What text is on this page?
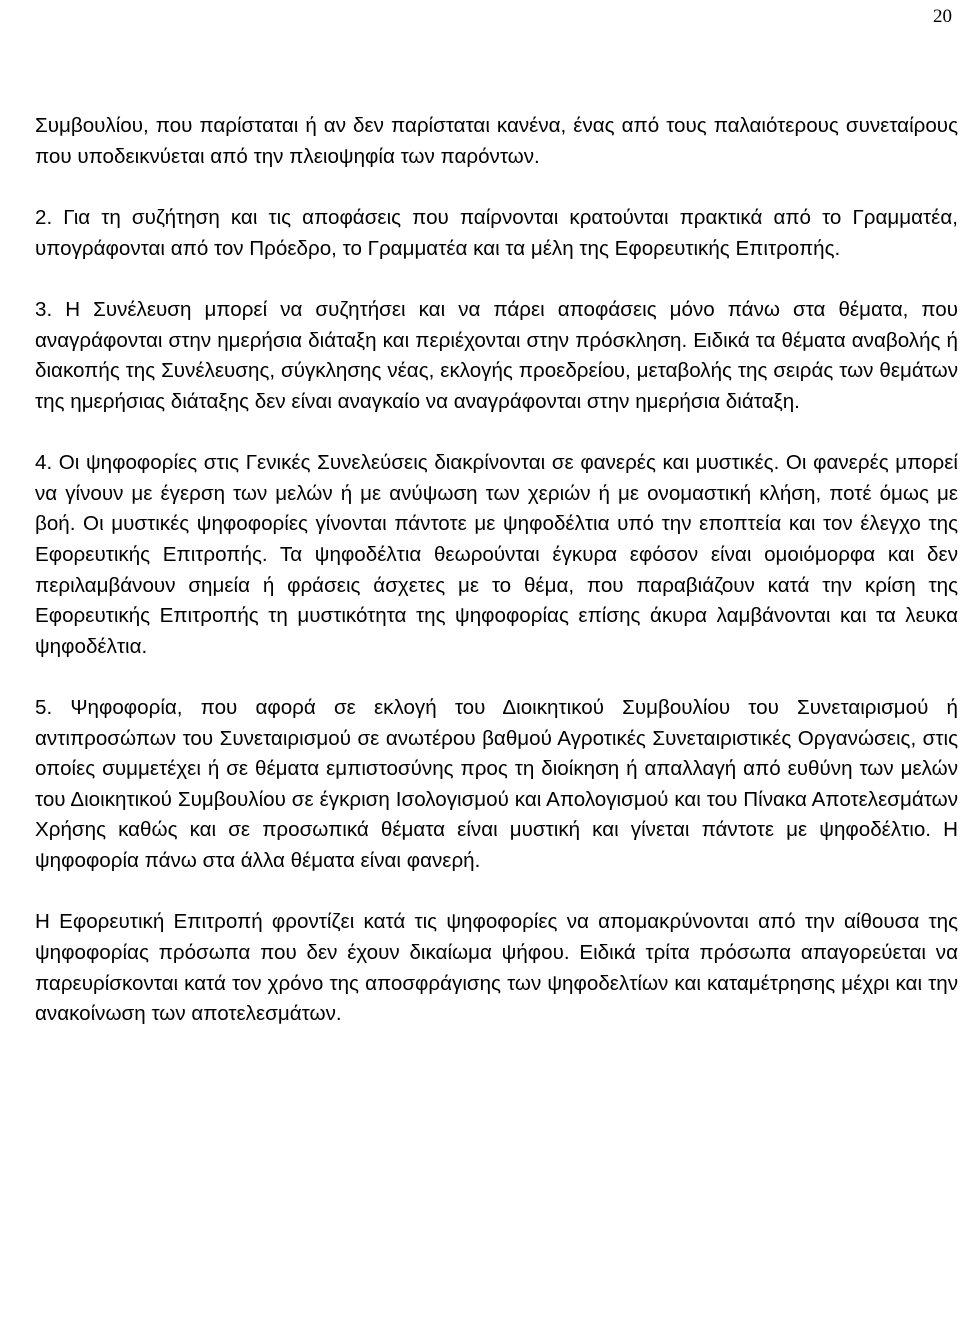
20

Συμβουλίου, που παρίσταται ή αν δεν παρίσταται κανένα, ένας από τους παλαιότερους συνεταίρους που υποδεικνύεται από την πλειοψηφία των παρόντων.

2. Για τη συζήτηση και τις αποφάσεις που παίρνονται κρατούνται πρακτικά από το Γραμματέα, υπογράφονται από τον Πρόεδρο, το Γραμματέα και τα μέλη της Εφορευτικής Επιτροπής.

3. Η Συνέλευση μπορεί να συζητήσει και να πάρει αποφάσεις μόνο πάνω στα θέματα, που αναγράφονται στην ημερήσια διάταξη και περιέχονται στην πρόσκληση. Ειδικά τα θέματα αναβολής ή διακοπής της Συνέλευσης, σύγκλησης νέας, εκλογής προεδρείου, μεταβολής της σειράς των θεμάτων της ημερήσιας διάταξης δεν είναι αναγκαίο να αναγράφονται στην ημερήσια διάταξη.

4. Οι ψηφοφορίες στις Γενικές Συνελεύσεις διακρίνονται σε φανερές και μυστικές. Οι φανερές μπορεί να γίνουν με έγερση των μελών ή με ανύψωση των χεριών ή με ονομαστική κλήση, ποτέ όμως με βοή. Οι μυστικές ψηφοφορίες γίνονται πάντοτε με ψηφοδέλτια υπό την εποπτεία και τον έλεγχο της Εφορευτικής Επιτροπής. Τα ψηφοδέλτια θεωρούνται έγκυρα εφόσον είναι ομοιόμορφα και δεν περιλαμβάνουν σημεία ή φράσεις άσχετες με το θέμα, που παραβιάζουν κατά την κρίση της Εφορευτικής Επιτροπής τη μυστικότητα της ψηφοφορίας επίσης άκυρα λαμβάνονται και τα λευκα ψηφοδέλτια.

5. Ψηφοφορία, που αφορά σε εκλογή του Διοικητικού Συμβουλίου του Συνεταιρισμού ή αντιπροσώπων του Συνεταιρισμού σε ανωτέρου βαθμού Αγροτικές Συνεταιριστικές Οργανώσεις, στις οποίες συμμετέχει ή σε θέματα εμπιστοσύνης προς τη διοίκηση ή απαλλαγή από ευθύνη των μελών του Διοικητικού Συμβουλίου σε έγκριση Ισολογισμού και Απολογισμού και του Πίνακα Αποτελεσμάτων Χρήσης καθώς και σε προσωπικά θέματα είναι μυστική και γίνεται πάντοτε με ψηφοδέλτιο. Η ψηφοφορία πάνω στα άλλα θέματα είναι φανερή.

Η Εφορευτική Επιτροπή φροντίζει κατά τις ψηφοφορίες να απομακρύνονται από την αίθουσα της ψηφοφορίας πρόσωπα που δεν έχουν δικαίωμα ψήφου. Ειδικά τρίτα πρόσωπα απαγορεύεται να παρευρίσκονται κατά τον χρόνο της αποσφράγισης των ψηφοδελτίων και καταμέτρησης μέχρι και την ανακοίνωση των αποτελεσμάτων.
